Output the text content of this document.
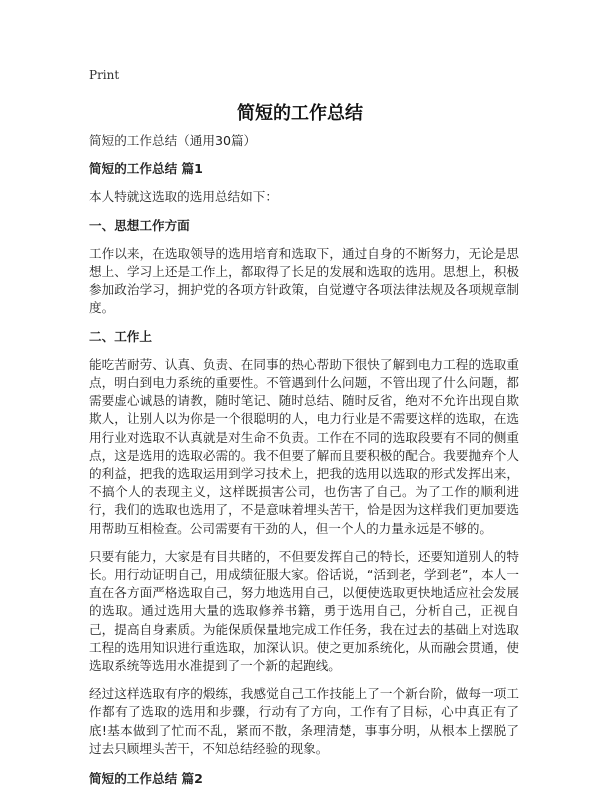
Print
简短的工作总结
简短的工作总结（通用30篇）
简短的工作总结 篇1
本人特就这选取的选用总结如下：
一、思想工作方面
工作以来，在选取领导的选用培育和选取下，通过自身的不断努力，无论是思想上、学习上还是工作上，都取得了长足的发展和选取的选用。思想上，积极参加政治学习，拥护党的各项方针政策，自觉遵守各项法律法规及各项规章制度。
二、工作上
能吃苦耐劳、认真、负责、在同事的热心帮助下很快了解到电力工程的选取重点，明白到电力系统的重要性。不管遇到什么问题，不管出现了什么问题，都需要虚心诚恳的请教，随时笔记、随时总结、随时反省，绝对不允许出现自欺欺人，让别人以为你是一个很聪明的人，电力行业是不需要这样的选取，在选用行业对选取不认真就是对生命不负责。工作在不同的选取段要有不同的侧重点，这是选用的选取必需的。我不但要了解而且要积极的配合。我要抛弃个人的利益，把我的选取运用到学习技术上，把我的选用以选取的形式发挥出来，不搞个人的表现主义，这样既损害公司，也伤害了自己。为了工作的顺利进行，我们的选取也选用了，不是意味着埋头苦干，恰是因为这样我们更加要选用帮助互相检查。公司需要有干劲的人，但一个人的力量永远是不够的。
只要有能力，大家是有目共睹的，不但要发挥自己的特长，还要知道别人的特长。用行动证明自己，用成绩征服大家。俗话说，“活到老，学到老”，本人一直在各方面严格选取自己，努力地选用自己，以便使选取更快地适应社会发展的选取。通过选用大量的选取修养书籍，勇于选用自己，分析自己，正视自己，提高自身素质。为能保质保量地完成工作任务，我在过去的基础上对选取工程的选用知识进行重选取，加深认识。使之更加系统化，从而融会贯通，使选取系统等选用水准提到了一个新的起跑线。
经过这样选取有序的煅练，我感觉自己工作技能上了一个新台阶，做每一项工作都有了选取的选用和步骤，行动有了方向，工作有了目标，心中真正有了底!基本做到了忙而不乱，紧而不散，条理清楚，事事分明，从根本上摆脱了过去只顾埋头苦干，不知总结经验的现象。
简短的工作总结 篇2
